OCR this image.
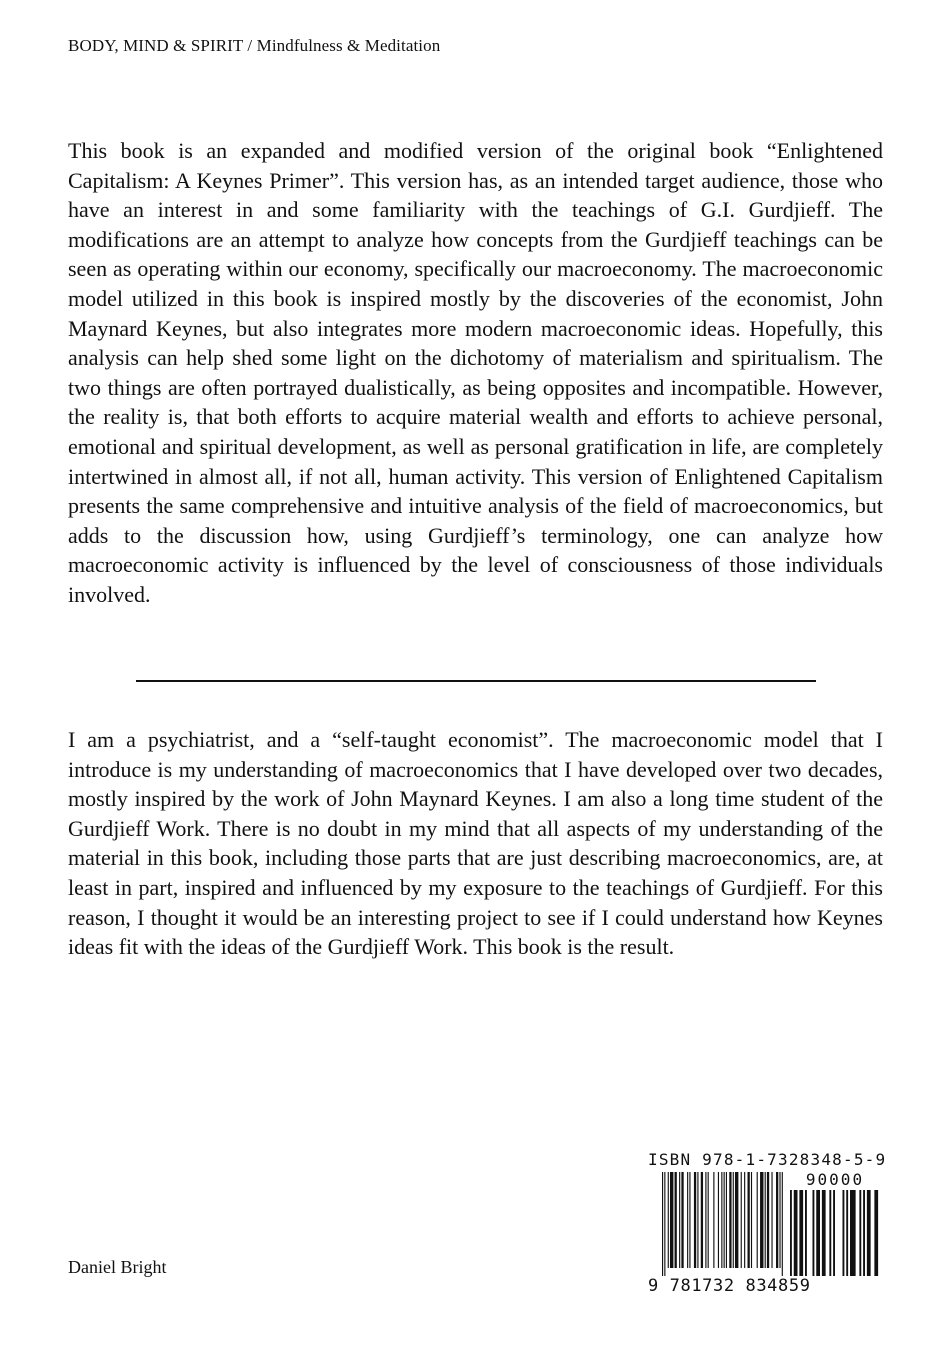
BODY, MIND & SPIRIT / Mindfulness & Meditation

This book is an expanded and modified version of the original book “Enlightened Capitalism: A Keynes Primer”. This version has, as an intended target audience, those who have an interest in and some familiarity with the teachings of G.I. Gurdjieff. The modifications are an attempt to analyze how concepts from the Gurdjieff teachings can be seen as operating within our economy, specifically our macroeconomy. The macroeconomic model utilized in this book is inspired mostly by the discoveries of the economist, John Maynard Keynes, but also integrates more modern macroeconomic ideas. Hopefully, this analysis can help shed some light on the dichotomy of materialism and spiritualism. The two things are often portrayed dualistically, as being opposites and incompatible. However, the reality is, that both efforts to acquire material wealth and efforts to achieve personal, emotional and spiritual development, as well as personal gratification in life, are completely intertwined in almost all, if not all, human activity. This version of Enlightened Capitalism presents the same comprehensive and intuitive analysis of the field of macroeconomics, but adds to the discussion how, using Gurdjieff’s terminology, one can analyze how macroeconomic activity is influenced by the level of consciousness of those individuals involved.

I am a psychiatrist, and a “self-taught economist”. The macroeconomic model that I introduce is my understanding of macroeconomics that I have developed over two decades, mostly inspired by the work of John Maynard Keynes. I am also a long time student of the Gurdjieff Work. There is no doubt in my mind that all aspects of my understanding of the material in this book, including those parts that are just describing macroeconomics, are, at least in part, inspired and influenced by my exposure to the teachings of Gurdjieff. For this reason, I thought it would be an interesting project to see if I could understand how Keynes ideas fit with the ideas of the Gurdjieff Work. This book is the result.

Daniel Bright
ISBN 978-1-7328348-5-9
90000
9 781732 834859
